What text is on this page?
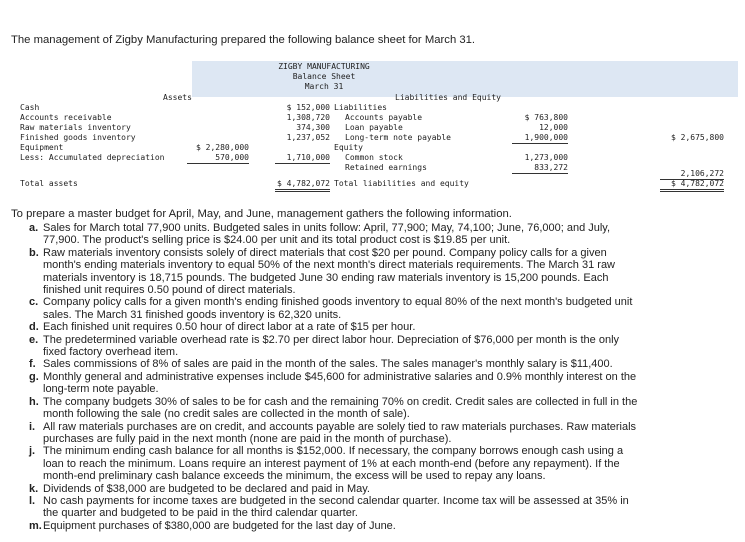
The management of Zigby Manufacturing prepared the following balance sheet for March 31.
ZIGBY MANUFACTURING
Balance Sheet
March 31
Assets	Liabilities and Equity
Cash
Accounts receivable
Raw materials inventory
Finished goods inventory
Equipment
Less: Accumulated depreciation
Total assets
$ 2,280,000
570,000
$ 152,000
1,308,720
374,300
1,237,052
1,710,000
$ 4,782,072
Liabilities
Accounts payable
Loan payable
Long-term note payable
Equity
Common stock
Retained earnings
Total liabilities and equity
$ 763,800
12,000
1,900,000
1,273,000
833,272
$ 2,675,800
2,106,272
$ 4,782,072
To prepare a master budget for April, May, and June, management gathers the following information.
a. Sales for March total 77,900 units. Budgeted sales in units follow: April, 77,900; May, 74,100; June, 76,000; and July, 77,900. The product's selling price is $24.00 per unit and its total product cost is $19.85 per unit.
b. Raw materials inventory consists solely of direct materials that cost $20 per pound. Company policy calls for a given month's ending materials inventory to equal 50% of the next month's direct materials requirements. The March 31 raw materials inventory is 18,715 pounds. The budgeted June 30 ending raw materials inventory is 15,200 pounds. Each finished unit requires 0.50 pound of direct materials.
c. Company policy calls for a given month's ending finished goods inventory to equal 80% of the next month's budgeted unit sales. The March 31 finished goods inventory is 62,320 units.
d. Each finished unit requires 0.50 hour of direct labor at a rate of $15 per hour.
e. The predetermined variable overhead rate is $2.70 per direct labor hour. Depreciation of $76,000 per month is the only fixed factory overhead item.
f. Sales commissions of 8% of sales are paid in the month of the sales. The sales manager's monthly salary is $11,400.
g. Monthly general and administrative expenses include $45,600 for administrative salaries and 0.9% monthly interest on the long-term note payable.
h. The company budgets 30% of sales to be for cash and the remaining 70% on credit. Credit sales are collected in full in the month following the sale (no credit sales are collected in the month of sale).
i. All raw materials purchases are on credit, and accounts payable are solely tied to raw materials purchases. Raw materials purchases are fully paid in the next month (none are paid in the month of purchase).
j. The minimum ending cash balance for all months is $152,000. If necessary, the company borrows enough cash using a loan to reach the minimum. Loans require an interest payment of 1% at each month-end (before any repayment). If the month-end preliminary cash balance exceeds the minimum, the excess will be used to repay any loans.
k. Dividends of $38,000 are budgeted to be declared and paid in May.
l. No cash payments for income taxes are budgeted in the second calendar quarter. Income tax will be assessed at 35% in the quarter and budgeted to be paid in the third calendar quarter.
m. Equipment purchases of $380,000 are budgeted for the last day of June.
